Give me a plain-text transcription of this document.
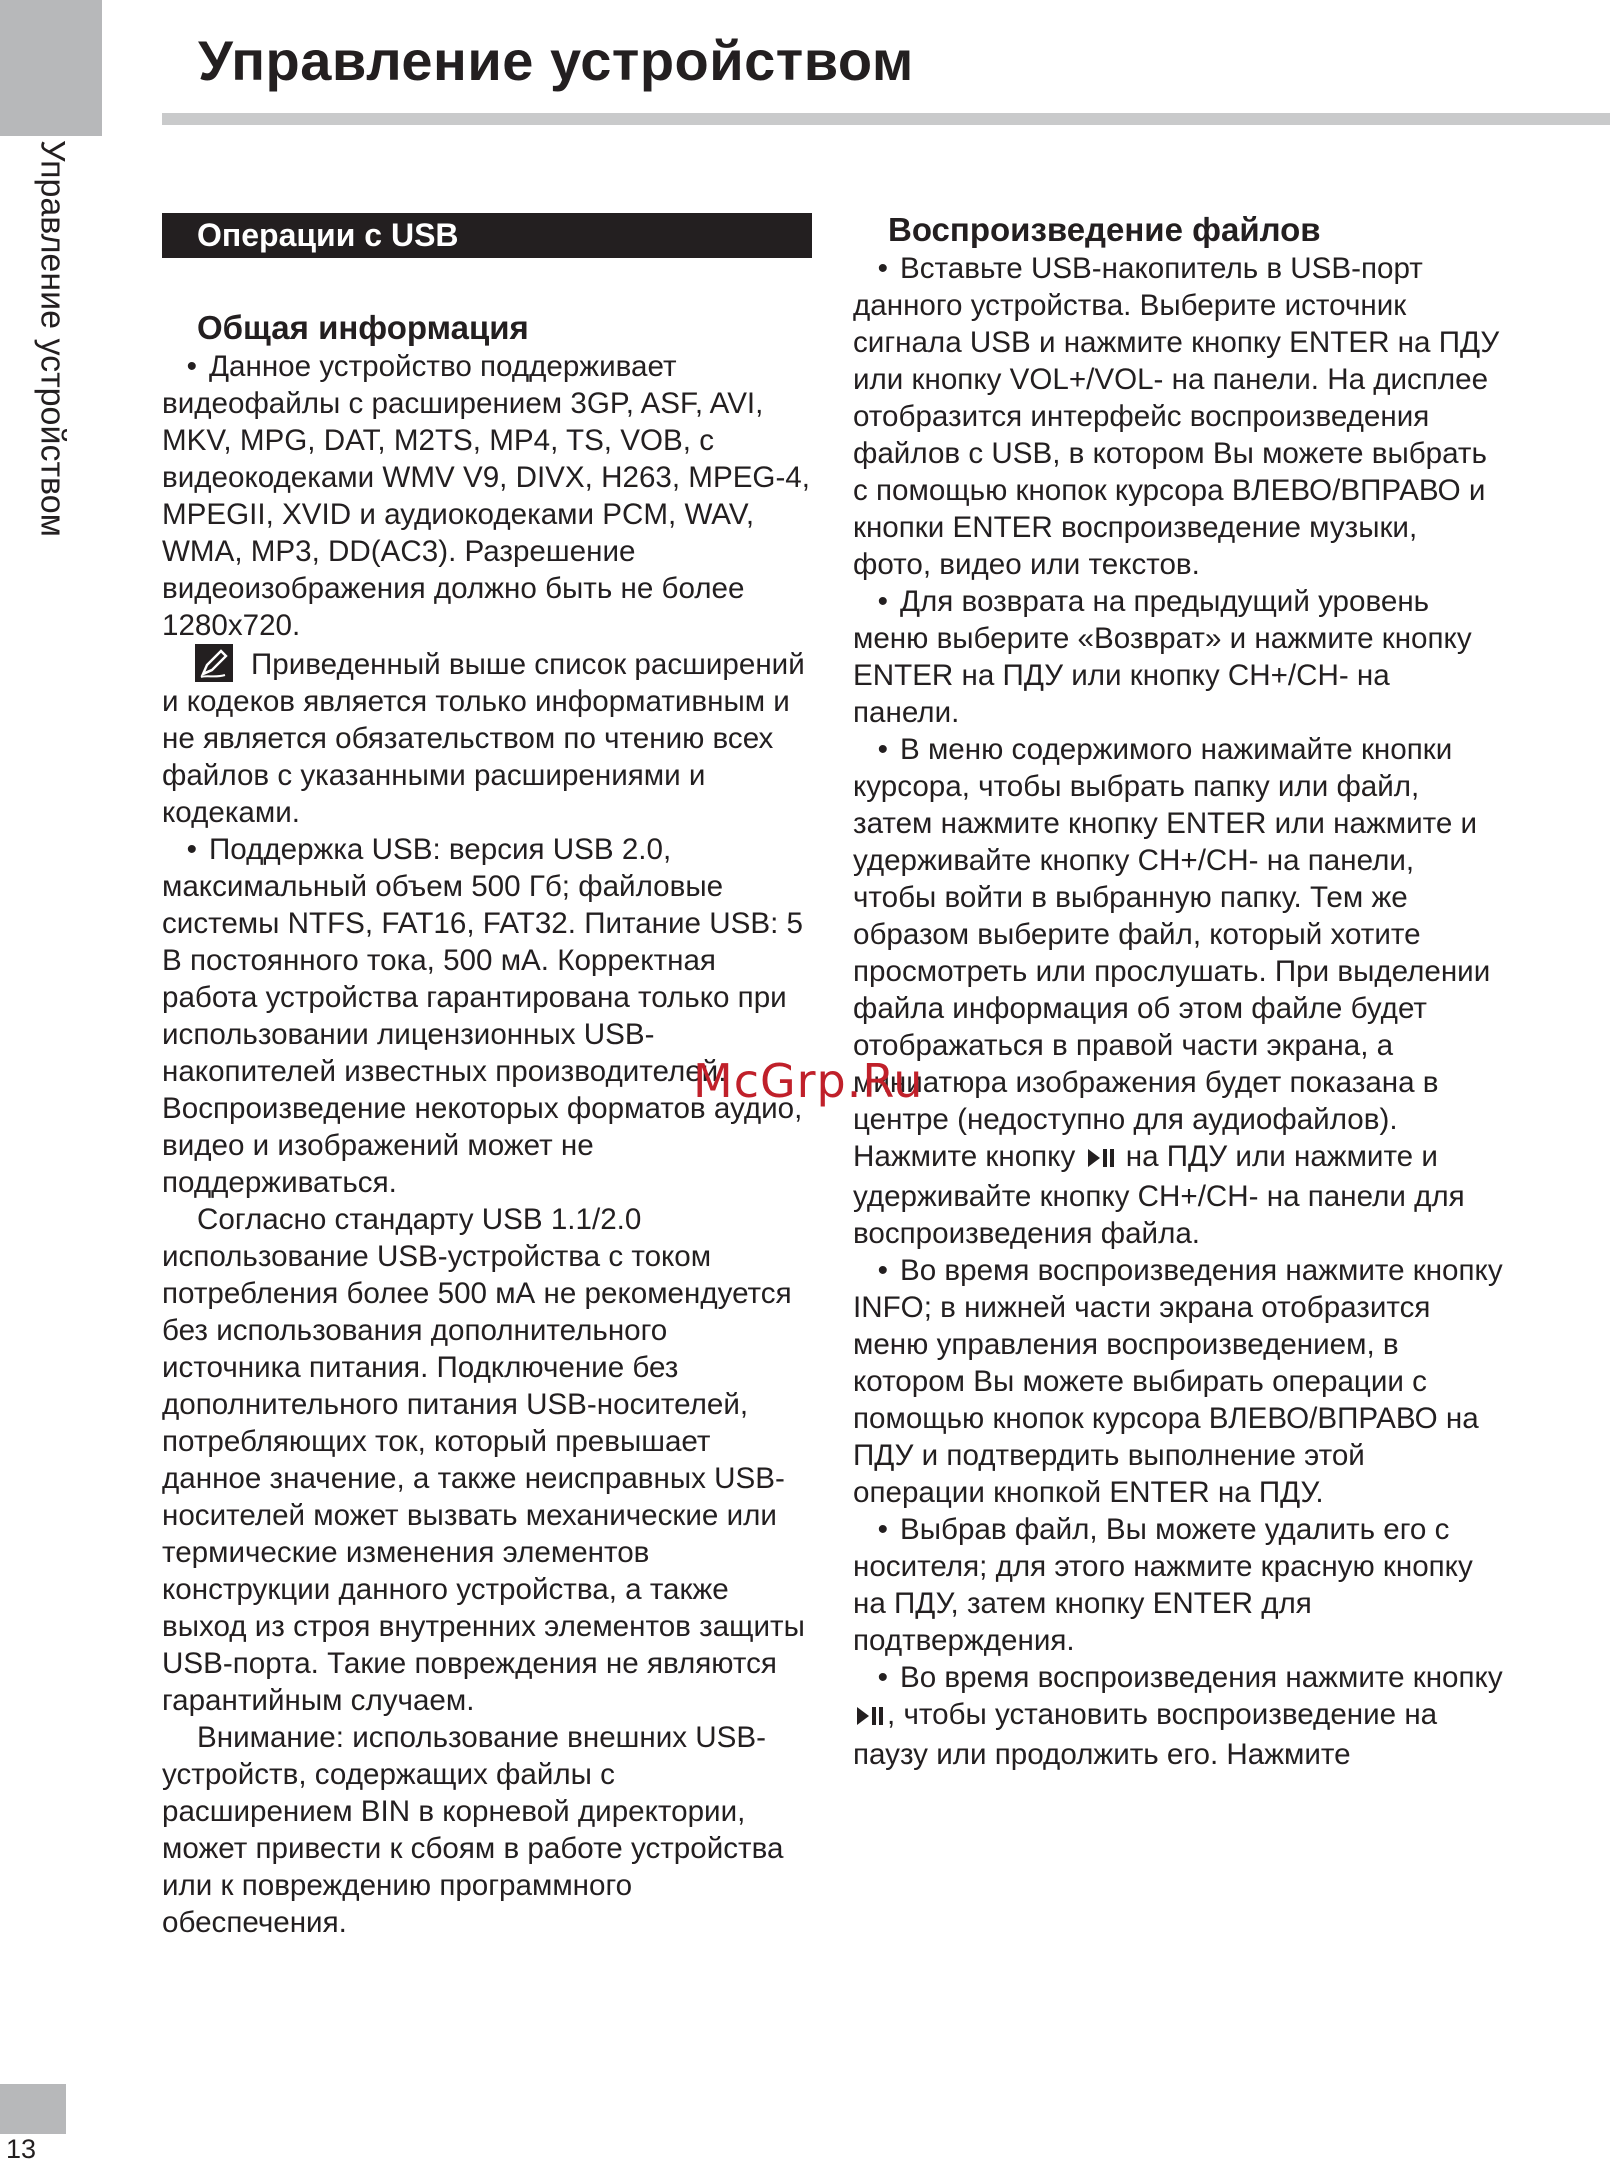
Управление устройством
Управление устройством
Операции с USB
Общая информация

• Данное устройство поддерживает видеофайлы с расширением 3GP, ASF, AVI, MKV, MPG, DAT, M2TS, MP4, TS, VOB, с видеокодеками WMV V9, DIVX, H263, MPEG-4, MPEGII, XVID и аудиокодеками PCM, WAV, WMA, MP3, DD(AC3). Разрешение видеоизображения должно быть не более 1280x720.

Приведенный выше список расширений и кодеков является только информативным и не является обязательством по чтению всех файлов с указанными расширениями и кодеками.

• Поддержка USB: версия USB 2.0, максимальный объем 500 Гб; файловые системы NTFS, FAT16, FAT32. Питание USB: 5 В постоянного тока, 500 мА. Корректная работа устройства гарантирована только при использовании лицензионных USB-накопителей известных производителей. Воспроизведение некоторых форматов аудио, видео и изображений может не поддерживаться.

Согласно стандарту USB 1.1/2.0 использование USB-устройства с током потребления более 500 мА не рекомендуется без использования дополнительного источника питания. Подключение без дополнительного питания USB-носителей, потребляющих ток, который превышает данное значение, а также неисправных USB-носителей может вызвать механические или термические изменения элементов конструкции данного устройства, а также выход из строя внутренних элементов защиты USB-порта. Такие повреждения не являются гарантийным случаем.

Внимание: использование внешних USB-устройств, содержащих файлы с расширением BIN в корневой директории, может привести к сбоям в работе устройства или к повреждению программного обеспечения.

Воспроизведение файлов

• Вставьте USB-накопитель в USB-порт данного устройства. Выберите источник сигнала USB и нажмите кнопку ENTER на ПДУ или кнопку VOL+/VOL- на панели. На дисплее отобразится интерфейс воспроизведения файлов с USB, в котором Вы можете выбрать с помощью кнопок курсора ВЛЕВО/ВПРАВО и кнопки ENTER воспроизведение музыки, фото, видео или текстов.

• Для возврата на предыдущий уровень меню выберите «Возврат» и нажмите кнопку ENTER на ПДУ или кнопку CH+/CH- на панели.

• В меню содержимого нажимайте кнопки курсора, чтобы выбрать папку или файл, затем нажмите кнопку ENTER или нажмите и удерживайте кнопку CH+/CH- на панели, чтобы войти в выбранную папку. Тем же образом выберите файл, который хотите просмотреть или прослушать. При выделении файла информация об этом файле будет отображаться в правой части экрана, а миниатюра изображения будет показана в центре (недоступно для аудиофайлов). Нажмите кнопку на ПДУ или нажмите и удерживайте кнопку CH+/CH- на панели для воспроизведения файла.

• Во время воспроизведения нажмите кнопку INFO; в нижней части экрана отобразится меню управления воспроизведением, в котором Вы можете выбирать операции с помощью кнопок курсора ВЛЕВО/ВПРАВО на ПДУ и подтвердить выполнение этой операции кнопкой ENTER на ПДУ.

• Выбрав файл, Вы можете удалить его с носителя; для этого нажмите красную кнопку на ПДУ, затем кнопку ENTER для подтверждения.

• Во время воспроизведения нажмите кнопку , чтобы установить воспроизведение на паузу или продолжить его. Нажмите

McGrp.Ru
13
